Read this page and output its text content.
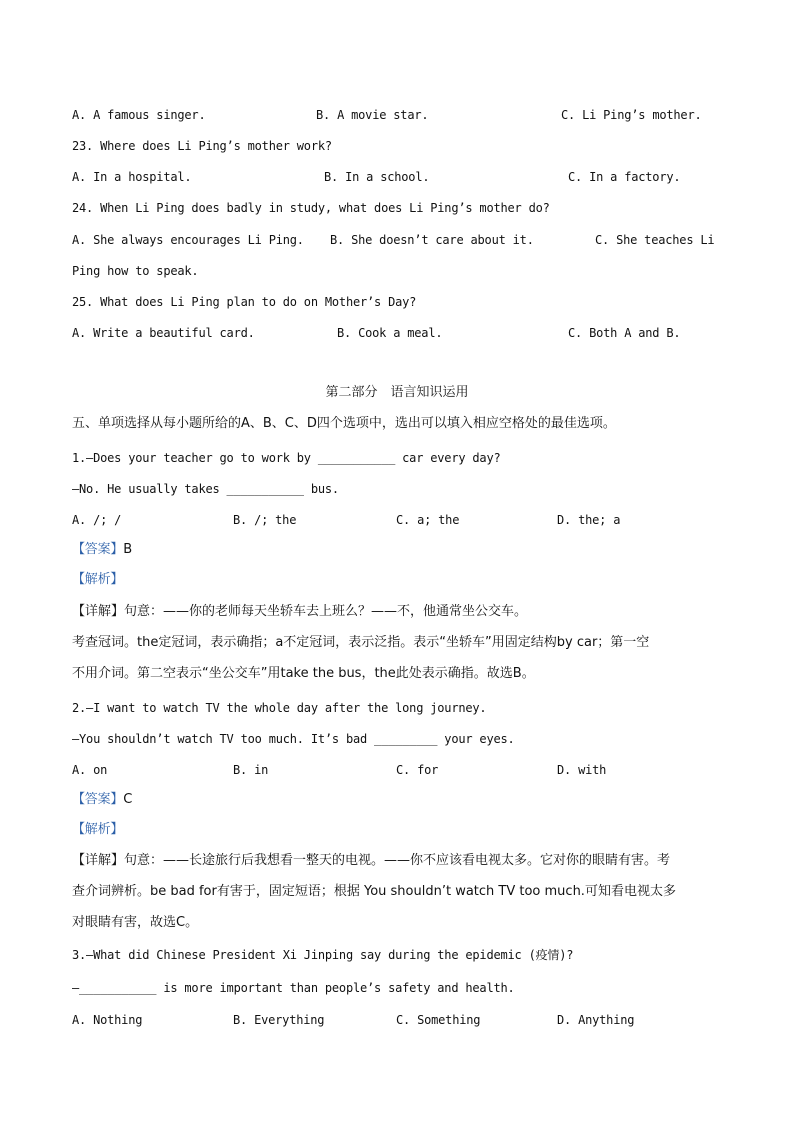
A. A famous singer.	B. A movie star.	C. Li Ping’s mother.
23. Where does Li Ping’s mother work?
A. In a hospital.	B. In a school.	C. In a factory.
24. When Li Ping does badly in study, what does Li Ping’s mother do?
A. She always encourages Li Ping. B. She doesn’t care about it.	C. She teaches Li
Ping how to speak.
25. What does Li Ping plan to do on Mother’s Day?
A. Write a beautiful card.	B. Cook a meal.	C. Both A and B.
第二部分　语言知识运用
五、单项选择从每小题所给的A、B、C、D四个选项中，选出可以填入相应空格处的最佳选项。
1.—Does your teacher go to work by ___________ car every day?
—No. He usually takes ___________ bus.
A. /; /	B. /; the	C. a; the	D. the; a
【答案】B
【解析】
【详解】句意：——你的老师每天坐轿车去上班么？——不，他通常坐公交车。
考查冠词。the定冠词，表示确指；a不定冠词，表示泛指。表示“坐轿车”用固定结构by car；第一空
不用介词。第二空表示“坐公交车”用take the bus，the此处表示确指。故选B。
2.—I want to watch TV the whole day after the long journey.
—You shouldn’t watch TV too much. It’s bad _________ your eyes.
A. on	B. in	C. for	D. with
【答案】C
【解析】
【详解】句意：——长途旅行后我想看一整天的电视。——你不应该看电视太多。它对你的眼睛有害。考
查介词辨析。be bad for有害于，固定短语；根据 You shouldn’t watch TV too much.可知看电视太多
对眼睛有害，故选C。
3.—What did Chinese President Xi Jinping say during the epidemic (疫情)?
—___________ is more important than people’s safety and health.
A. Nothing	B. Everything	C. Something	D. Anything
